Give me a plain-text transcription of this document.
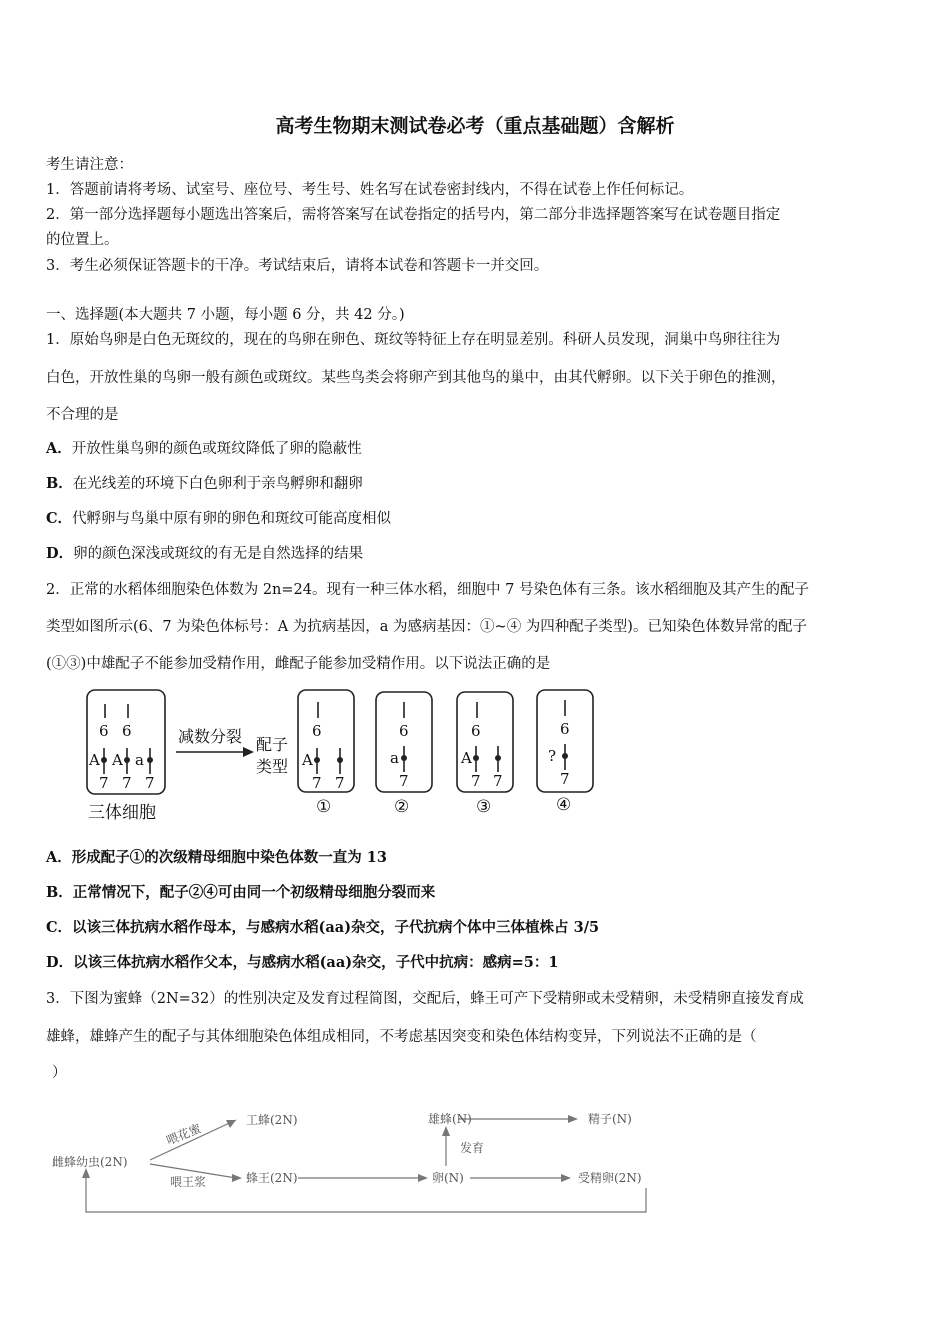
高考生物期末测试卷必考（重点基础题）含解析
考生请注意：
1．答题前请将考场、试室号、座位号、考生号、姓名写在试卷密封线内，不得在试卷上作任何标记。
2．第一部分选择题每小题选出答案后，需将答案写在试卷指定的括号内，第二部分非选择题答案写在试卷题目指定
的位置上。
3．考生必须保证答题卡的干净。考试结束后，请将本试卷和答题卡一并交回。
一、选择题(本大题共 7 小题，每小题 6 分，共 42 分。)
1．原始鸟卵是白色无斑纹的，现在的鸟卵在卵色、斑纹等特征上存在明显差别。科研人员发现，洞巢中鸟卵往往为
白色，开放性巢的鸟卵一般有颜色或斑纹。某些鸟类会将卵产到其他鸟的巢中，由其代孵卵。以下关于卵色的推测，
不合理的是
A．开放性巢鸟卵的颜色或斑纹降低了卵的隐蔽性
B．在光线差的环境下白色卵利于亲鸟孵卵和翻卵
C．代孵卵与鸟巢中原有卵的卵色和斑纹可能高度相似
D．卵的颜色深浅或斑纹的有无是自然选择的结果
2．正常的水稻体细胞染色体数为 2n=24。现有一种三体水稻，细胞中 7 号染色体有三条。该水稻细胞及其产生的配子
类型如图所示(6、7 为染色体标号：A 为抗病基因，a 为感病基因：①~④ 为四种配子类型)。已知染色体数异常的配子
(①③)中雄配子不能参加受精作用，雌配子能参加受精作用。以下说法正确的是
6 6
A A a
7 7 7
减数分裂 配子
类型
三体细胞
6
A
7 7
①
6
a
7
②
6
A
7 7
③
6
?
7
④
A．形成配子①的次级精母细胞中染色体数一直为 13
B．正常情况下，配子②④可由同一个初级精母细胞分裂而来
C．以该三体抗病水稻作母本，与感病水稻(aa)杂交，子代抗病个体中三体植株占 3/5
D．以该三体抗病水稻作父本，与感病水稻(aa)杂交，子代中抗病：感病=5：1
3．下图为蜜蜂（2N=32）的性别决定及发育过程简图，交配后，蜂王可产下受精卵或未受精卵，未受精卵直接发育成
雄蜂，雄蜂产生的配子与其体细胞染色体组成相同，不考虑基因突变和染色体结构变异，下列说法不正确的是（
）
雌蜂幼虫(2N)
工蜂(2N)
蜂王(2N)
喂花蜜
喂王浆
雄蜂(N)	精子(N)
卵(N)	受精卵(2N)
发育
